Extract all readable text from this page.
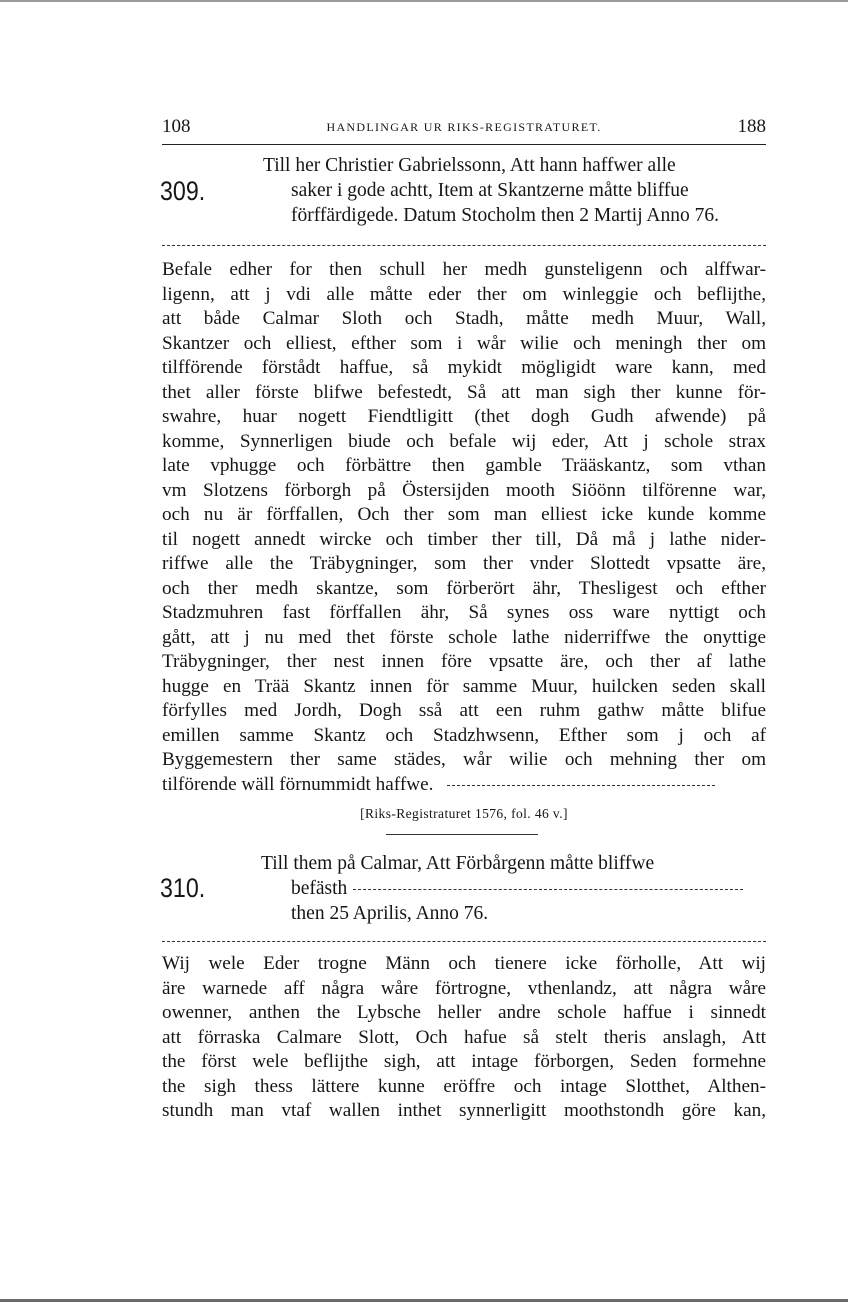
108	HANDLINGAR UR RIKS-REGISTRATURET.	188
309.
Till her Christier Gabrielssonn, Att hann haffwer alle
saker i gode achtt, Item at Skantzerne måtte bliffue
förffärdigede. Datum Stocholm then 2 Martij Anno 76.
Befale edher for then schull her medh gunsteligenn och alffwar-
ligenn, att j vdi alle måtte eder ther om winleggie och beflijthe,
att både Calmar Sloth och Stadh, måtte medh Muur, Wall,
Skantzer och elliest, efther som i wår wilie och meningh ther om
tilfförende förstådt haffue, så mykidt mögligidt ware kann, med
thet aller förste blifwe befestedt, Så att man sigh ther kunne för-
swahre, huar nogett Fiendtligitt (thet dogh Gudh afwende) på
komme, Synnerligen biude och befale wij eder, Att j schole strax
late vphugge och förbättre then gamble Trääskantz, som vthan
vm Slotzens förborgh på Östersijden mooth Siöönn tilförenne war,
och nu är förffallen, Och ther som man elliest icke kunde komme
til nogett annedt wircke och timber ther till, Då må j lathe nider-
riffwe alle the Träbygninger, som ther vnder Slottedt vpsatte äre,
och ther medh skantze, som förberört ähr, Thesligest och efther
Stadzmuhren fast förffallen ähr, Så synes oss ware nyttigt och
gått, att j nu med thet förste schole lathe niderriffwe the onyttige
Träbygninger, ther nest innen före vpsatte äre, och ther af lathe
hugge en Trää Skantz innen för samme Muur, huilcken seden skall
förfylles med Jordh, Dogh sså att een ruhm gathw måtte blifue
emillen samme Skantz och Stadzhwsenn, Efther som j och af
Byggemestern ther same städes, wår wilie och mehning ther om
tilförende wäll förnummidt haffwe.
[Riks-Registraturet 1576, fol. 46 v.]
310.
Till them på Calmar, Att Förbårgenn måtte bliffwe
befästh
then 25 Aprilis, Anno 76.
Wij wele Eder trogne Männ och tienere icke förholle, Att wij
äre warnede aff några wåre förtrogne, vthenlandz, att några wåre
owenner, anthen the Lybsche heller andre schole haffue i sinnedt
att förraska Calmare Slott, Och hafue så stelt theris anslagh, Att
the först wele beflijthe sigh, att intage förborgen, Seden formehne
the sigh thess lättere kunne eröffre och intage Slotthet, Althen-
stundh man vtaf wallen inthet synnerligitt moothstondh göre kan,
